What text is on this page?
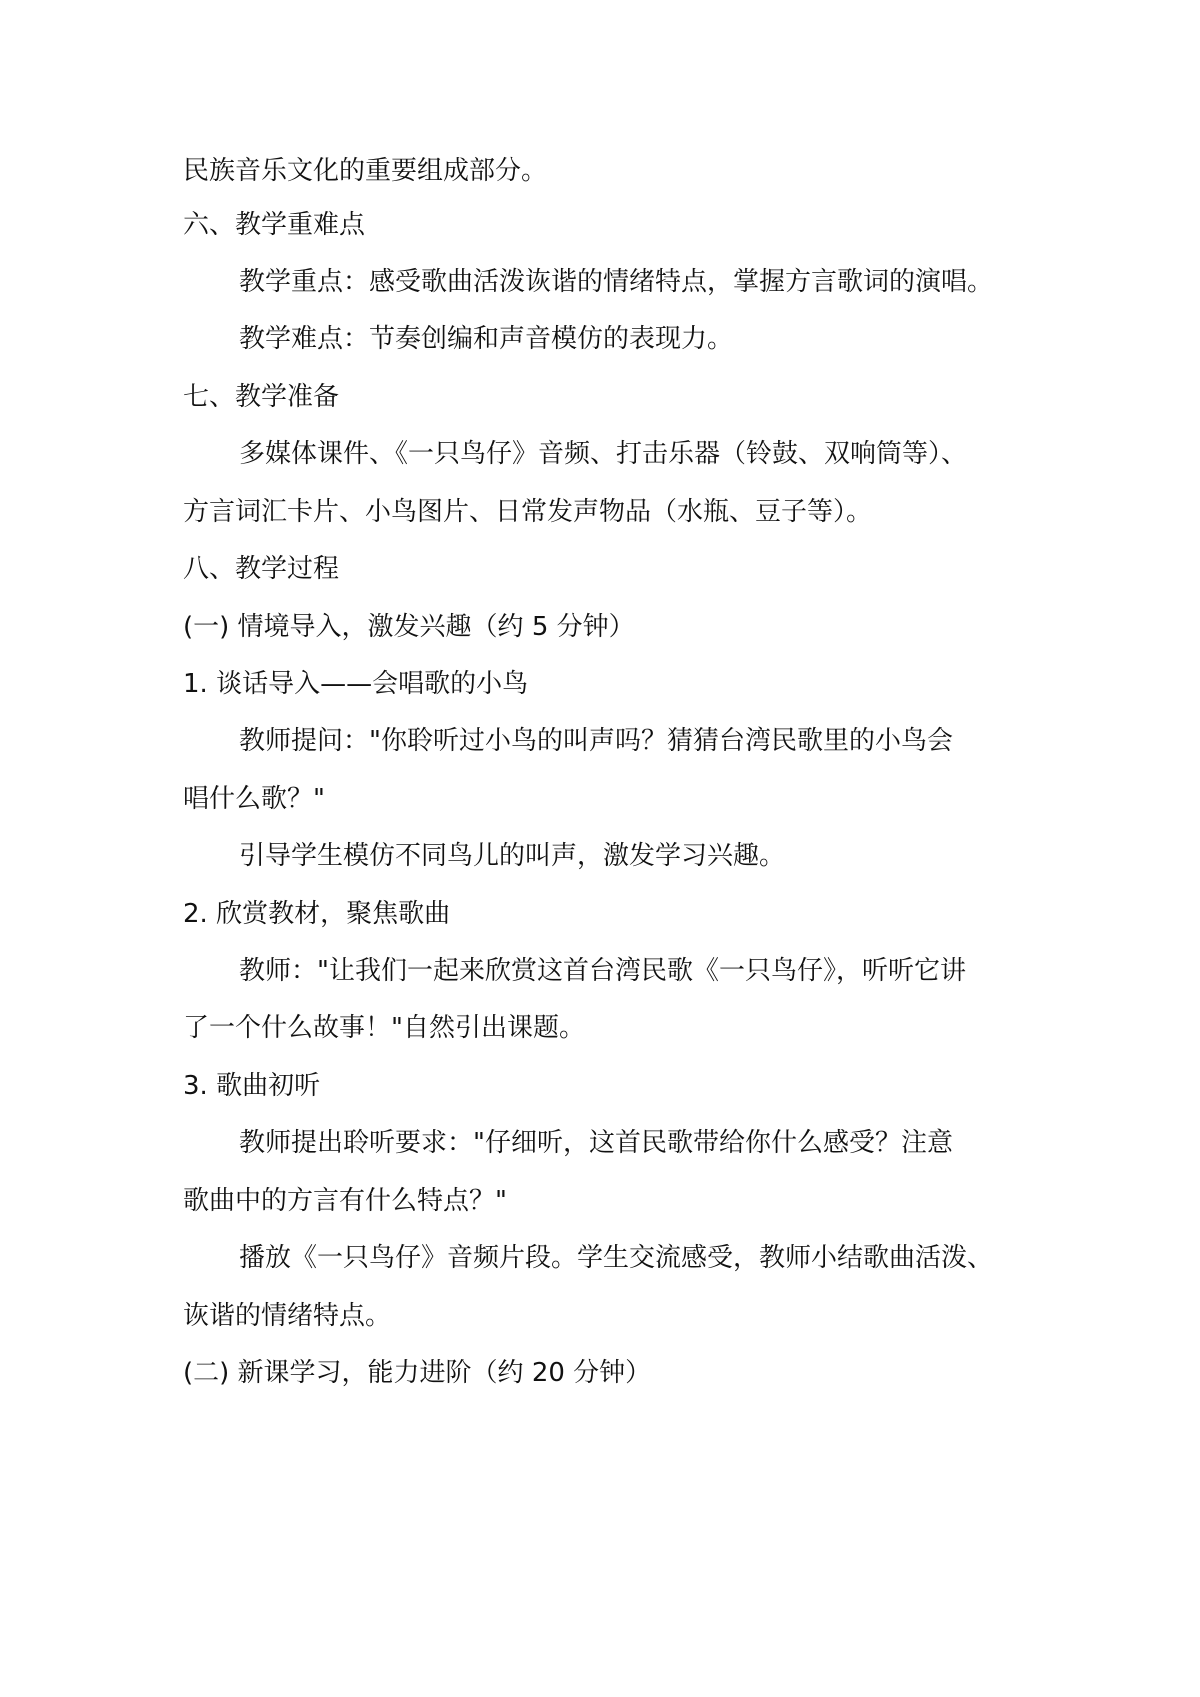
民族音乐文化的重要组成部分。
六、教学重难点
教学重点：感受歌曲活泼诙谐的情绪特点，掌握方言歌词的演唱。
教学难点：节奏创编和声音模仿的表现力。
七、教学准备
多媒体课件、《一只鸟仔》音频、打击乐器（铃鼓、双响筒等）、
方言词汇卡片、小鸟图片、日常发声物品（水瓶、豆子等）。
八、教学过程
(一) 情境导入，激发兴趣（约 5 分钟）
1. 谈话导入——会唱歌的小鸟
教师提问："你聆听过小鸟的叫声吗？猜猜台湾民歌里的小鸟会
唱什么歌？"
引导学生模仿不同鸟儿的叫声，激发学习兴趣。
2. 欣赏教材，聚焦歌曲
教师："让我们一起来欣赏这首台湾民歌《一只鸟仔》，听听它讲
了一个什么故事！"自然引出课题。
3. 歌曲初听
教师提出聆听要求："仔细听，这首民歌带给你什么感受？注意
歌曲中的方言有什么特点？"
播放《一只鸟仔》音频片段。学生交流感受，教师小结歌曲活泼、
诙谐的情绪特点。
(二) 新课学习，能力进阶（约 20 分钟）
